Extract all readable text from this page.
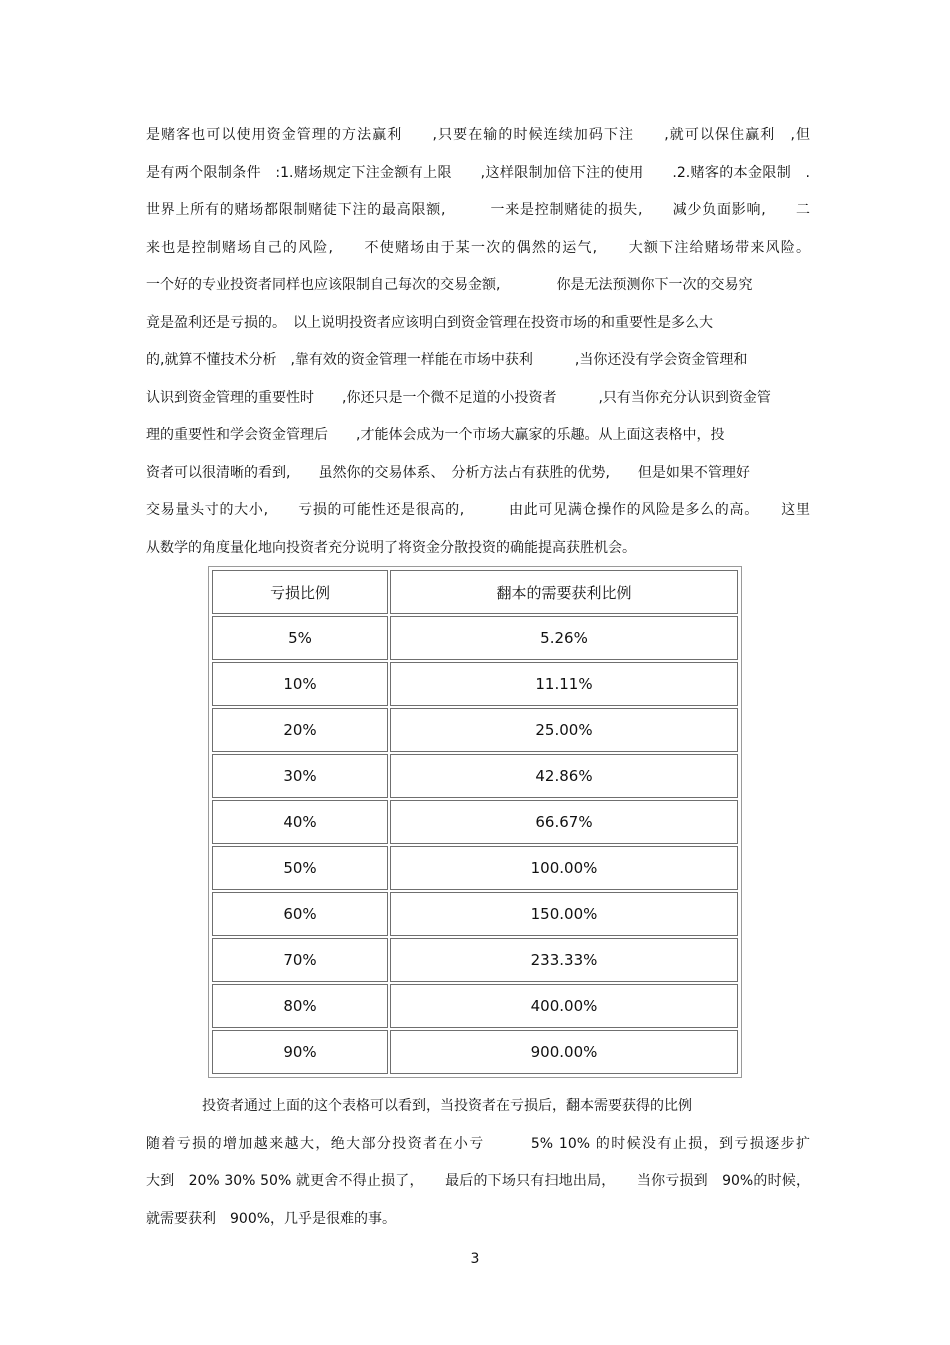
是赌客也可以使用资金管理的方法赢利　　,只要在输的时候连续加码下注　　,就可以保住赢利　,但
是有两个限制条件　:1.赌场规定下注金额有上限　　,这样限制加倍下注的使用　　.2.赌客的本金限制　.
世界上所有的赌场都限制赌徒下注的最高限额,　　　一来是控制赌徒的损失,　　减少负面影响,　　二
来也是控制赌场自己的风险,　　不使赌场由于某一次的偶然的运气,　　大额下注给赌场带来风险。
一个好的专业投资者同样也应该限制自己每次的交易金额,　　　　你是无法预测你下一次的交易究
竟是盈利还是亏损的。　以上说明投资者应该明白到资金管理在投资市场的和重要性是多么大
的,就算不懂技术分析　,靠有效的资金管理一样能在市场中获利　　　,当你还没有学会资金管理和
认识到资金管理的重要性时　　,你还只是一个微不足道的小投资者　　　,只有当你充分认识到资金管
理的重要性和学会资金管理后　　,才能体会成为一个市场大赢家的乐趣。从上面这表格中，投
资者可以很清晰的看到,　　虽然你的交易体系、　分析方法占有获胜的优势,　　但是如果不管理好
交易量头寸的大小,　　亏损的可能性还是很高的,　　　由此可见满仓操作的风险是多么的高。　　这里
从数学的角度量化地向投资者充分说明了将资金分散投资的确能提高获胜机会。
亏损比例	翻本的需要获利比例
5%	5.26%
10%	11.11%
20%	25.00%
30%	42.86%
40%	66.67%
50%	100.00%
60%	150.00%
70%	233.33%
80%	400.00%
90%	900.00%
　　　　投资者通过上面的这个表格可以看到，当投资者在亏损后，翻本需要获得的比例
随着亏损的增加越来越大，绝大部分投资者在小亏　　　5% 10% 的时候没有止损，到亏损逐步扩
大到　20% 30% 50% 就更舍不得止损了，　　最后的下场只有扫地出局，　　当你亏损到　90%的时候，
就需要获利　900%，几乎是很难的事。
3
